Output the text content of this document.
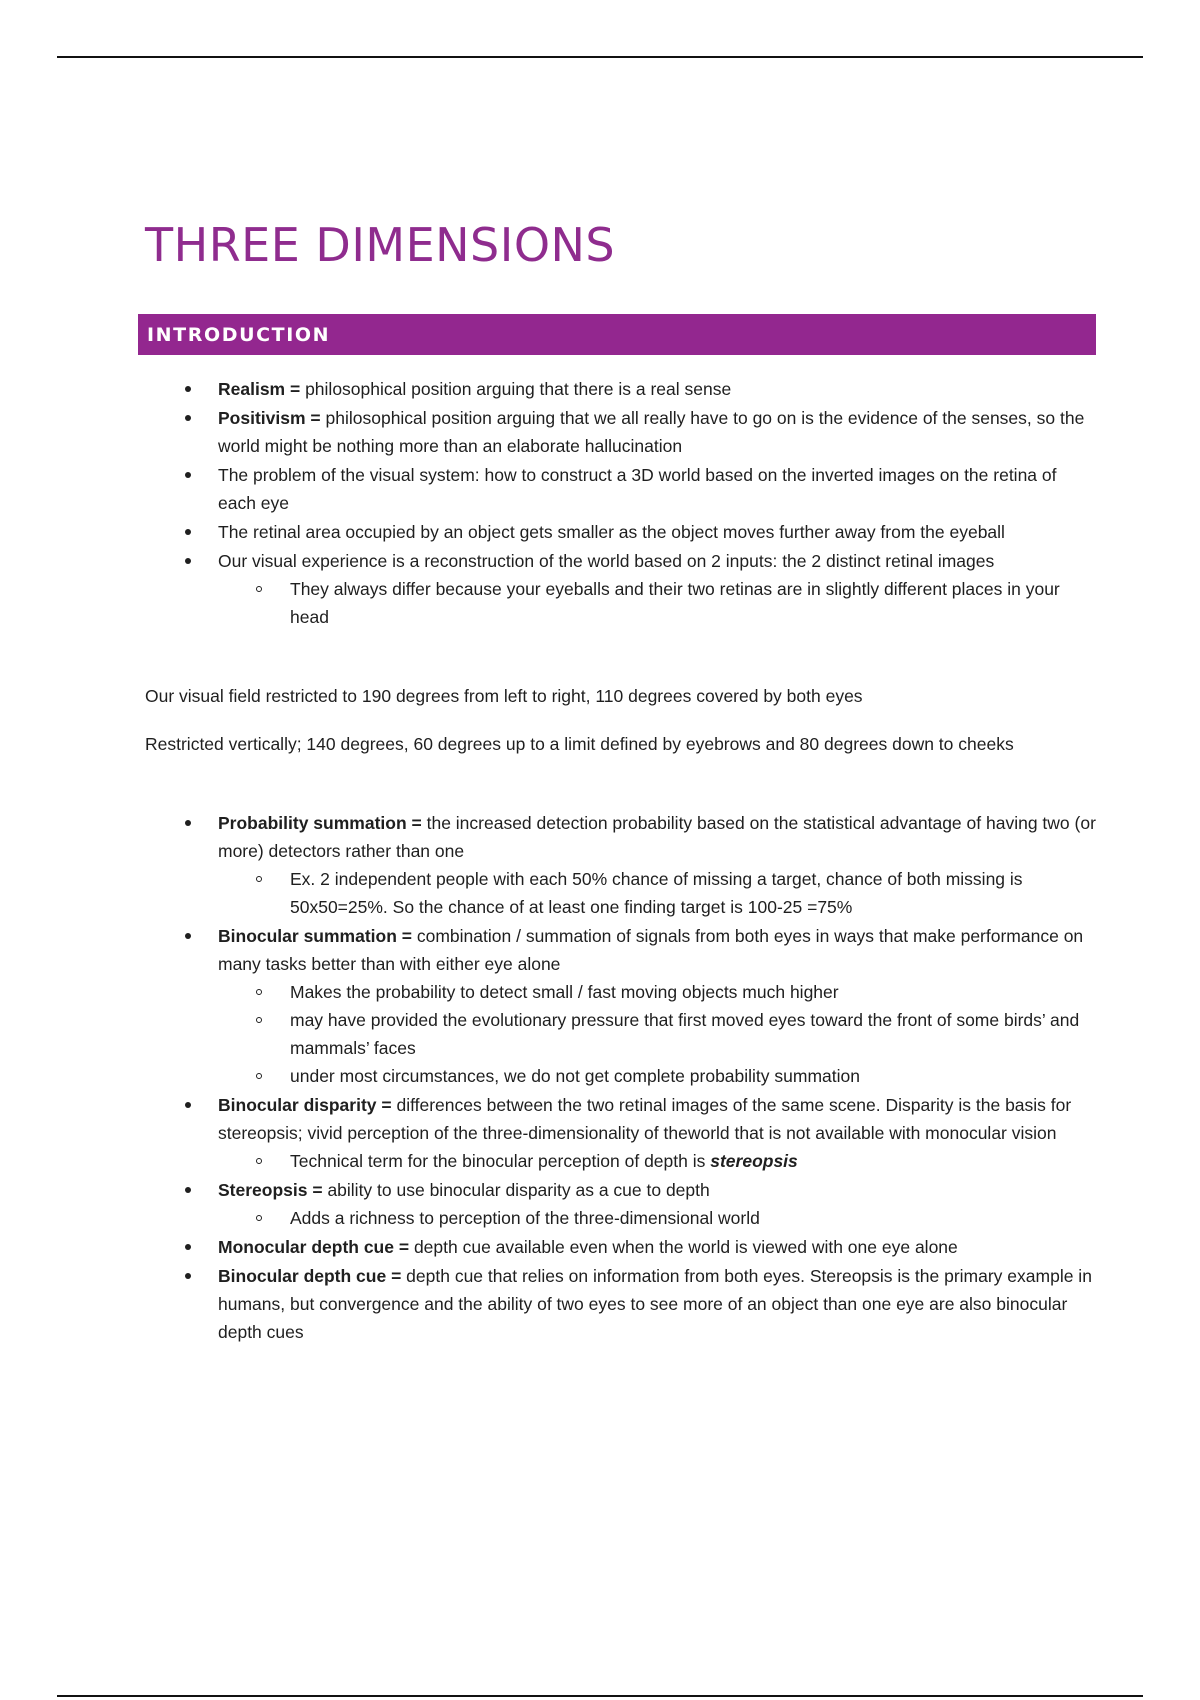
THREE DIMENSIONS
INTRODUCTION
Realism = philosophical position arguing that there is a real sense
Positivism = philosophical position arguing that we all really have to go on is the evidence of the senses, so the world might be nothing more than an elaborate hallucination
The problem of the visual system: how to construct a 3D world based on the inverted images on the retina of each eye
The retinal area occupied by an object gets smaller as the object moves further away from the eyeball
Our visual experience is a reconstruction of the world based on 2 inputs: the 2 distinct retinal images
They always differ because your eyeballs and their two retinas are in slightly different places in your head

Our visual field restricted to 190 degrees from left to right, 110 degrees covered by both eyes

Restricted vertically; 140 degrees, 60 degrees up to a limit defined by eyebrows and 80 degrees down to cheeks

Probability summation = the increased detection probability based on the statistical advantage of having two (or more) detectors rather than one
Ex. 2 independent people with each 50% chance of missing a target, chance of both missing is 50x50=25%. So the chance of at least one finding target is 100-25 =75%
Binocular summation = combination / summation of signals from both eyes in ways that make performance on many tasks better than with either eye alone
Makes the probability to detect small / fast moving objects much higher
may have provided the evolutionary pressure that first moved eyes toward the front of some birds’ and mammals’ faces
under most circumstances, we do not get complete probability summation
Binocular disparity = differences between the two retinal images of the same scene. Disparity is the basis for stereopsis; vivid perception of the three-dimensionality of theworld that is not available with monocular vision
Technical term for the binocular perception of depth is stereopsis
Stereopsis = ability to use binocular disparity as a cue to depth
Adds a richness to perception of the three-dimensional world
Monocular depth cue = depth cue available even when the world is viewed with one eye alone
Binocular depth cue = depth cue that relies on information from both eyes. Stereopsis is the primary example in humans, but convergence and the ability of two eyes to see more of an object than one eye are also binocular depth cues
